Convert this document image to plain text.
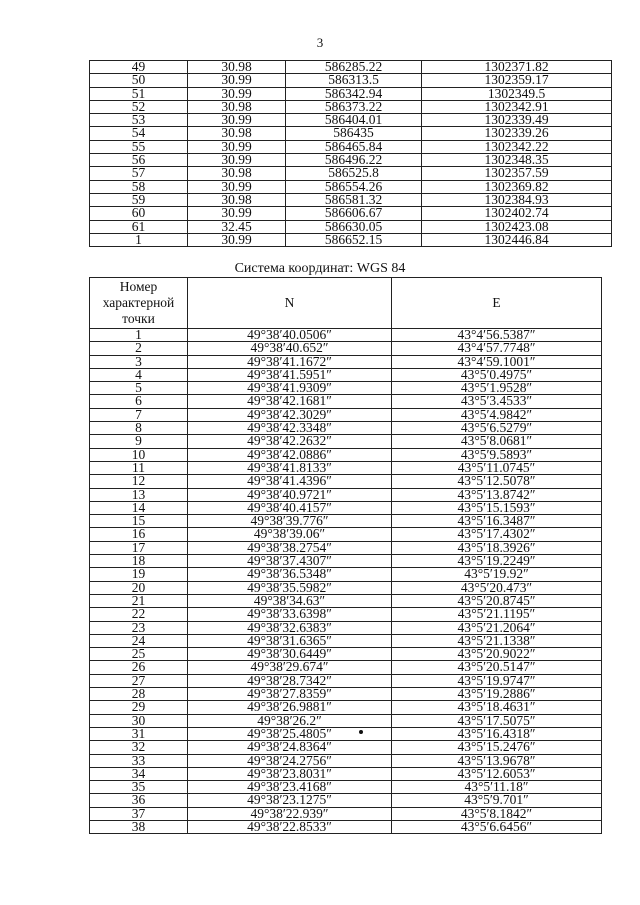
3
49	30.98	586285.22	1302371.82
50	30.99	586313.5	1302359.17
51	30.99	586342.94	1302349.5
52	30.98	586373.22	1302342.91
53	30.99	586404.01	1302339.49
54	30.98	586435	1302339.26
55	30.99	586465.84	1302342.22
56	30.99	586496.22	1302348.35
57	30.98	586525.8	1302357.59
58	30.99	586554.26	1302369.82
59	30.98	586581.32	1302384.93
60	30.99	586606.67	1302402.74
61	32.45	586630.05	1302423.08
1	30.99	586652.15	1302446.84
Система координат: WGS 84
Номер характерной точки	N	E
1	49°38′40.0506″	43°4′56.5387″
2	49°38′40.652″	43°4′57.7748″
3	49°38′41.1672″	43°4′59.1001″
4	49°38′41.5951″	43°5′0.4975″
5	49°38′41.9309″	43°5′1.9528″
6	49°38′42.1681″	43°5′3.4533″
7	49°38′42.3029″	43°5′4.9842″
8	49°38′42.3348″	43°5′6.5279″
9	49°38′42.2632″	43°5′8.0681″
10	49°38′42.0886″	43°5′9.5893″
11	49°38′41.8133″	43°5′11.0745″
12	49°38′41.4396″	43°5′12.5078″
13	49°38′40.9721″	43°5′13.8742″
14	49°38′40.4157″	43°5′15.1593″
15	49°38′39.776″	43°5′16.3487″
16	49°38′39.06″	43°5′17.4302″
17	49°38′38.2754″	43°5′18.3926″
18	49°38′37.4307″	43°5′19.2249″
19	49°38′36.5348″	43°5′19.92″
20	49°38′35.5982″	43°5′20.473″
21	49°38′34.63″	43°5′20.8745″
22	49°38′33.6398″	43°5′21.1195″
23	49°38′32.6383″	43°5′21.2064″
24	49°38′31.6365″	43°5′21.1338″
25	49°38′30.6449″	43°5′20.9022″
26	49°38′29.674″	43°5′20.5147″
27	49°38′28.7342″	43°5′19.9747″
28	49°38′27.8359″	43°5′19.2886″
29	49°38′26.9881″	43°5′18.4631″
30	49°38′26.2″	43°5′17.5075″
31	49°38′25.4805″	43°5′16.4318″
32	49°38′24.8364″	43°5′15.2476″
33	49°38′24.2756″	43°5′13.9678″
34	49°38′23.8031″	43°5′12.6053″
35	49°38′23.4168″	43°5′11.18″
36	49°38′23.1275″	43°5′9.701″
37	49°38′22.939″	43°5′8.1842″
38	49°38′22.8533″	43°5′6.6456″
